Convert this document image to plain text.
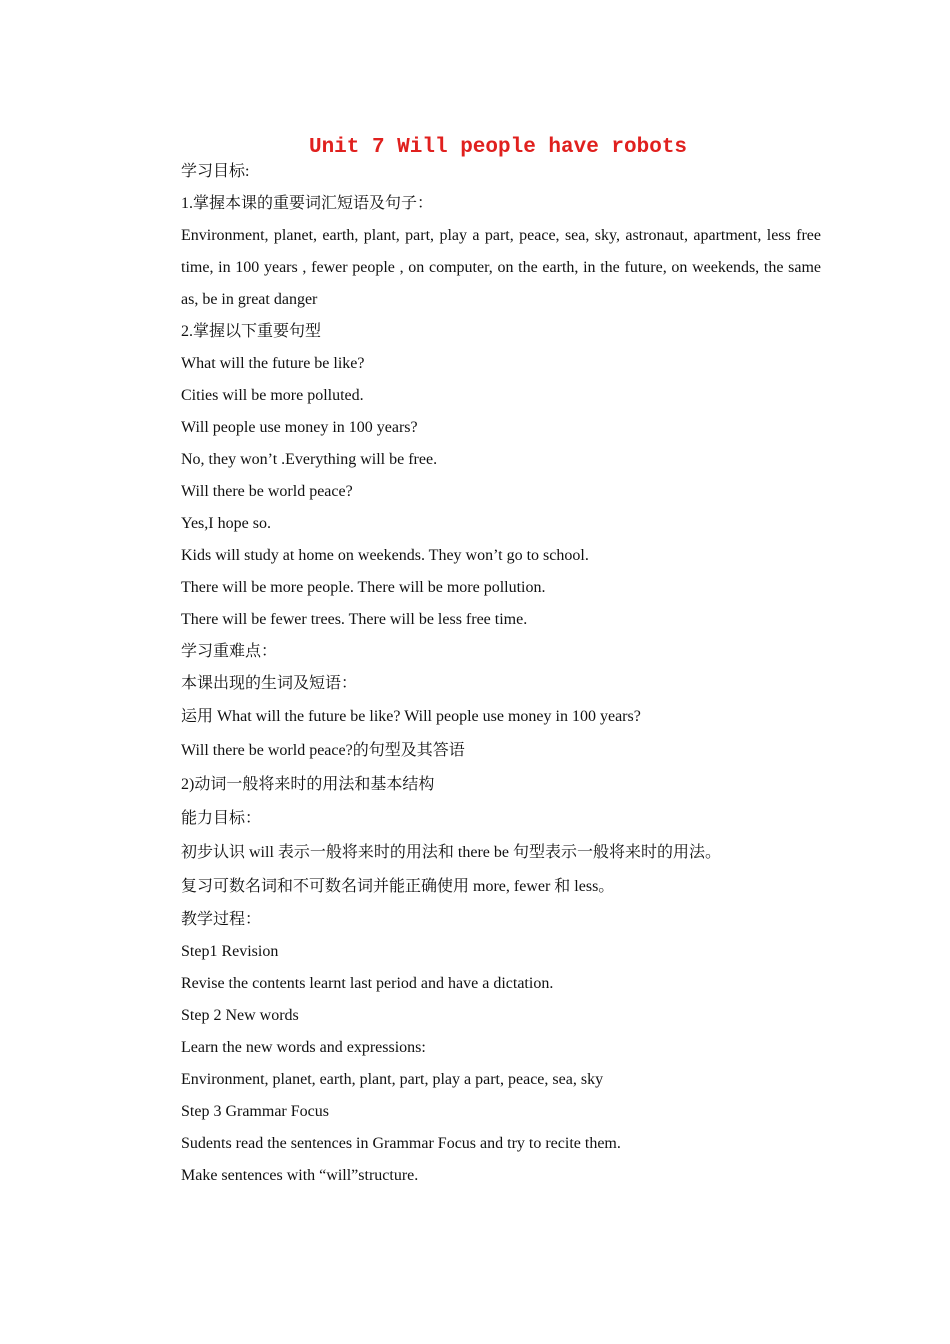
Unit 7 Will people have robots
学习目标:
1.掌握本课的重要词汇短语及句子：
Environment, planet, earth, plant, part, play a part, peace, sea, sky, astronaut, apartment, less free time, in 100 years , fewer people , on computer, on the earth, in the future, on weekends, the same as, be in great danger
2.掌握以下重要句型
What will the future be like?
Cities will be more polluted.
Will people use money in 100 years?
No, they won’t .Everything will be free.
Will there be world peace?
Yes,I hope so.
Kids will study at home on weekends. They won’t go to school.
There will be more people. There will be more pollution.
There will be fewer trees. There will be less free time.
学习重难点：
本课出现的生词及短语：
运用 What will the future be like? Will people use money in 100 years?
Will there be world peace?的句型及其答语
2)动词一般将来时的用法和基本结构
能力目标：
初步认识 will 表示一般将来时的用法和 there be 句型表示一般将来时的用法。
复习可数名词和不可数名词并能正确使用 more, fewer 和 less。
教学过程：
Step1 Revision
Revise the contents learnt last period and have a dictation.
Step 2 New words
Learn the new words and expressions:
Environment, planet, earth, plant, part, play a part, peace, sea, sky
Step 3 Grammar Focus
Sudents read the sentences in Grammar Focus and try to recite them.
Make sentences with “will”structure.
